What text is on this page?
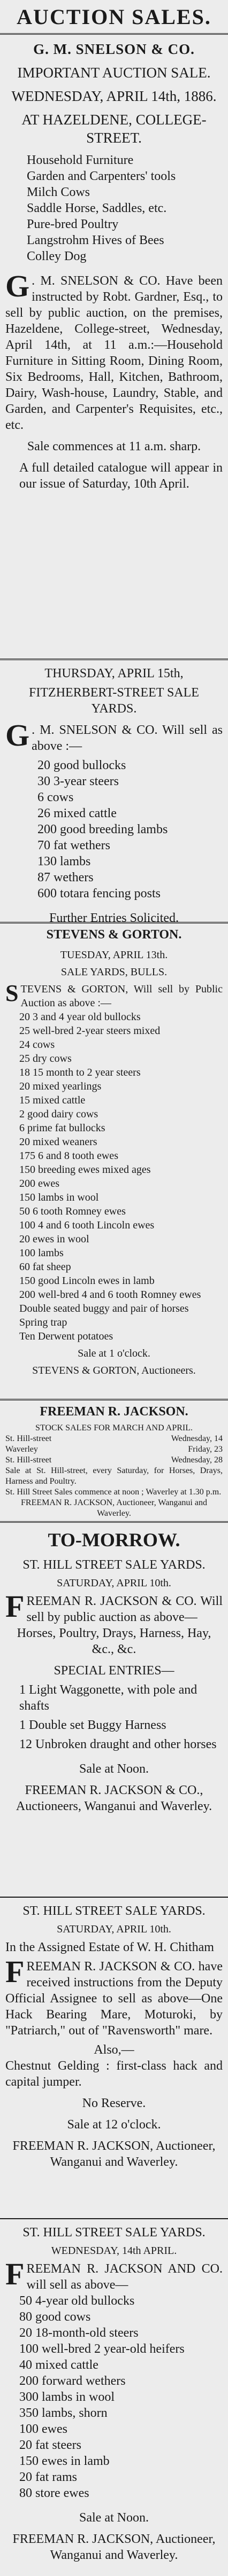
AUCTION SALES.
G. M. SNELSON & CO.
IMPORTANT AUCTION SALE.
WEDNESDAY, APRIL 14th, 1886.
AT HAZELDENE, COLLEGE-STREET.
Household Furniture
Garden and Carpenters' tools
Milch Cows
Saddle Horse, Saddles, etc.
Pure-bred Poultry
Langstrohm Hives of Bees
Colley Dog
G . M. SNELSON & CO. Have been instructed by Robt. Gardner, Esq., to sell by public auction, on the premises, Hazeldene, College-street, Wednesday, April 14th, at 11 a.m.:—Household Furniture in Sitting Room, Dining Room, Six Bedrooms, Hall, Kitchen, Bathroom, Dairy, Wash-house, Laundry, Stable, and Garden, and Carpenter's Requisites, etc., etc.
Sale commences at 11 a.m. sharp.
A full detailed catalogue will appear in our issue of Saturday, 10th April.
THURSDAY, APRIL 15th,
FITZHERBERT-STREET SALE YARDS.
G . M. SNELSON & CO. Will sell as above :—
20 good bullocks
30 3-year steers
6 cows
26 mixed cattle
200 good breeding lambs
70 fat wethers
130 lambs
87 wethers
600 totara fencing posts
Further Entries Solicited.
STEVENS & GORTON.
TUESDAY, APRIL 13th.
SALE YARDS, BULLS.
STEVENS & GORTON, Will sell by Public Auction as above :—
20 3 and 4 year old bullocks
25 well-bred 2-year steers mixed
24 cows
25 dry cows
18 15 month to 2 year steers
20 mixed yearlings
15 mixed cattle
2 good dairy cows
6 prime fat bullocks
20 mixed weaners
175 6 and 8 tooth ewes
150 breeding ewes mixed ages
200 ewes
150 lambs in wool
50 6 tooth Romney ewes
100 4 and 6 tooth Lincoln ewes
20 ewes in wool
100 lambs
60 fat sheep
150 good Lincoln ewes in lamb
200 well-bred 4 and 6 tooth Romney ewes
Double seated buggy and pair of horses
Spring trap
Ten Derwent potatoes
Sale at 1 o'clock.
STEVENS & GORTON, Auctioneers.
FREEMAN R. JACKSON.
STOCK SALES FOR MARCH AND APRIL.
St. Hill-street	Wednesday, 14
Waverley	Friday, 23
St. Hill-street	Wednesday, 28
Sale at St. Hill-street, every Saturday, for Horses, Drays, Harness and Poultry.
St. Hill Street Sales commence at noon ; Waverley at 1.30 p.m.
FREEMAN R. JACKSON, Auctioneer, Wanganui and Waverley.
TO-MORROW.
ST. HILL STREET SALE YARDS.
SATURDAY, APRIL 10th.
FREEMAN R. JACKSON & CO. Will sell by public auction as above—
Horses, Poultry, Drays, Harness, Hay, &c., &c.
SPECIAL ENTRIES—
1 Light Waggonette, with pole and shafts
1 Double set Buggy Harness
12 Unbroken draught and other horses
Sale at Noon.
FREEMAN R. JACKSON & CO., Auctioneers, Wanganui and Waverley.
ST. HILL STREET SALE YARDS.
SATURDAY, APRIL 10th.
In the Assigned Estate of W. H. Chitham
FREEMAN R. JACKSON & CO. have received instructions from the Deputy Official Assignee to sell as above—One Hack Bearing Mare, Moturoki, by "Patriarch," out of "Ravensworth" mare.
Also,—
Chestnut Gelding : first-class hack and capital jumper.
No Reserve.
Sale at 12 o'clock.
FREEMAN R. JACKSON, Auctioneer, Wanganui and Waverley.
ST. HILL STREET SALE YARDS.
WEDNESDAY, 14th APRIL.
FREEMAN R. JACKSON AND CO. will sell as above—
50 4-year old bullocks
80 good cows
20 18-month-old steers
100 well-bred 2 year-old heifers
40 mixed cattle
200 forward wethers
300 lambs in wool
350 lambs, shorn
100 ewes
20 fat steers
150 ewes in lamb
20 fat rams
80 store ewes
Sale at Noon.
FREEMAN R. JACKSON, Auctioneer, Wanganui and Waverley.
